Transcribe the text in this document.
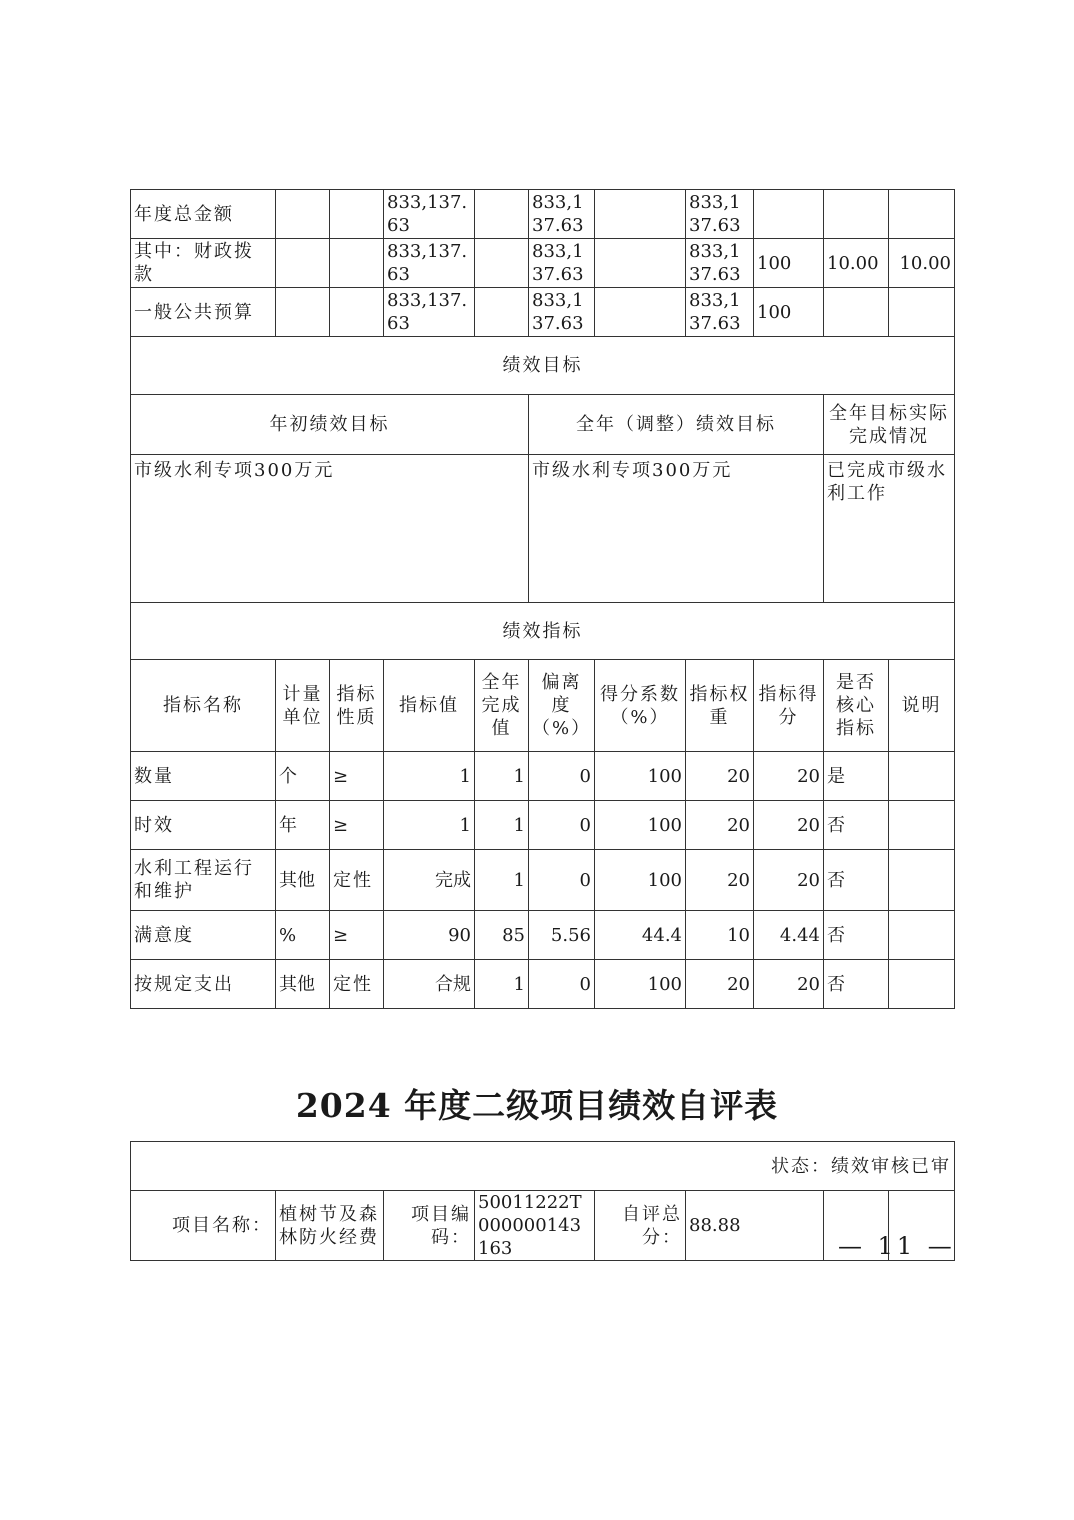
年度总金额			833,137.63		833,137.63		833,137.63			
其中：财政拨款			833,137.63		833,137.63		833,137.63	100	10.00	10.00
一般公共预算			833,137.63		833,137.63		833,137.63	100		
绩效目标										
年初绩效目标					全年（调整）绩效目标				全年目标实际完成情况	
市级水利专项300万元					市级水利专项300万元				已完成市级水利工作	
绩效指标										
指标名称	计量单位	指标性质	指标值	全年完成值	偏离度（%）	得分系数（%）	指标权重	指标得分	是否核心指标	说明
数量	个	≥	1	1	0	100	20	20	是	
时效	年	≥	1	1	0	100	20	20	否	
水利工程运行和维护	其他	定性	完成	1	0	100	20	20	否	
满意度	%	≥	90	85	5.56	44.4	10	4.44	否	
按规定支出	其他	定性	合规	1	0	100	20	20	否	
2024 年度二级项目绩效自评表
状态：绩效审核已审
项目名称：	植树节及森林防火经费	项目编码：	50011222T000000143163	自评总分：	88.88		
— 11 —
